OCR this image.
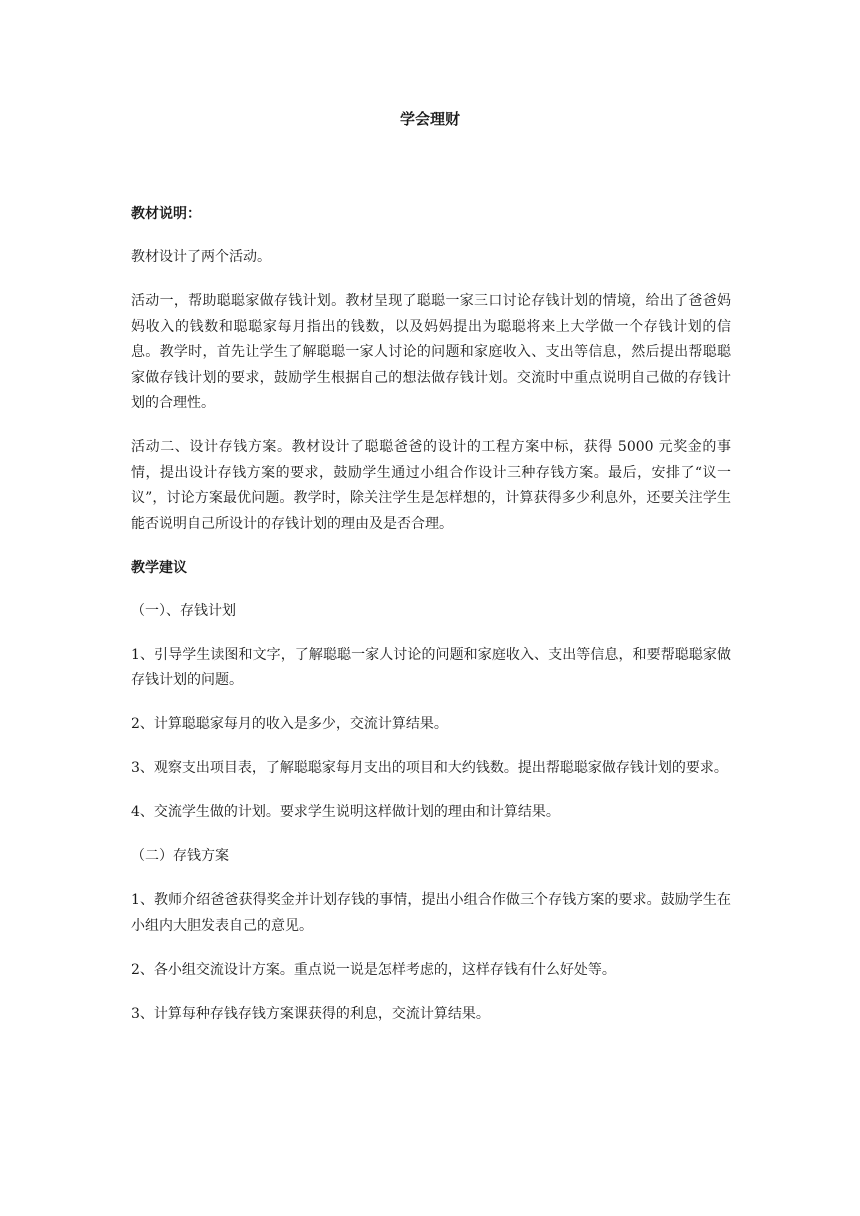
学会理财
教材说明：
教材设计了两个活动。
活动一，帮助聪聪家做存钱计划。教材呈现了聪聪一家三口讨论存钱计划的情境，给出了爸爸妈妈收入的钱数和聪聪家每月指出的钱数，以及妈妈提出为聪聪将来上大学做一个存钱计划的信息。教学时，首先让学生了解聪聪一家人讨论的问题和家庭收入、支出等信息，然后提出帮聪聪家做存钱计划的要求，鼓励学生根据自己的想法做存钱计划。交流时中重点说明自己做的存钱计划的合理性。
活动二、设计存钱方案。教材设计了聪聪爸爸的设计的工程方案中标，获得 5000 元奖金的事情，提出设计存钱方案的要求，鼓励学生通过小组合作设计三种存钱方案。最后，安排了“议一议”，讨论方案最优问题。教学时，除关注学生是怎样想的，计算获得多少利息外，还要关注学生能否说明自己所设计的存钱计划的理由及是否合理。
教学建议
（一）、存钱计划
1、引导学生读图和文字，了解聪聪一家人讨论的问题和家庭收入、支出等信息，和要帮聪聪家做存钱计划的问题。
2、计算聪聪家每月的收入是多少，交流计算结果。
3、观察支出项目表，了解聪聪家每月支出的项目和大约钱数。提出帮聪聪家做存钱计划的要求。
4、交流学生做的计划。要求学生说明这样做计划的理由和计算结果。
（二）存钱方案
1、教师介绍爸爸获得奖金并计划存钱的事情，提出小组合作做三个存钱方案的要求。鼓励学生在小组内大胆发表自己的意见。
2、各小组交流设计方案。重点说一说是怎样考虑的，这样存钱有什么好处等。
3、计算每种存钱存钱方案课获得的利息，交流计算结果。
